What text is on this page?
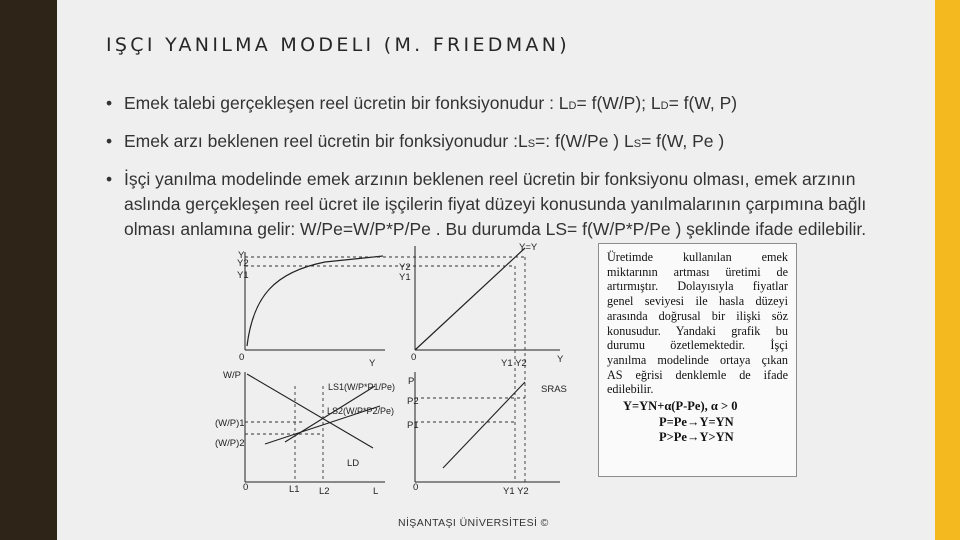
IŞÇI YANILMA MODELI (M. FRIEDMAN)
• Emek talebi gerçekleşen reel ücretin bir fonksiyonudur : LD= f(W/P); LD= f(W, P)
• Emek arzı beklenen reel ücretin bir fonksiyonudur :LS=: f(W/Pe ) LS= f(W, Pe )
• İşçi yanılma modelinde emek arzının beklenen reel ücretin bir fonksiyonu olması, emek arzının aslında gerçekleşen reel ücret ile işçilerin fiyat düzeyi konusunda yanılmalarının çarpımına bağlı olması anlamına gelir: W/Pe=W/P*P/Pe . Bu durumda LS= f(W/P*P/Pe ) şeklinde ifade edilebilir.
Y2
Y1
Y
0
Y
Y=Y
Y2
Y1
0
Y1 Y2	Y
W/P
(W/P)1
(W/P)2
LS1(W/P*P1/Pe)
LS2(W/P*P2/Pe)
LD
0	L1 L2	L
P
P2
P1
SRAS
0	Y1 Y2
Üretimde kullanılan emek
miktarının artması üretimi de
artırmıştır. Dolayısıyla fiyatlar
genel seviyesi ile hasla düzeyi
arasında doğrusal bir ilişki söz
konusudur. Yandaki grafik bu
durumu özetlemektedir. İşçi
yanılma modelinde ortaya çıkan
AS eğrisi denklemle de ifade
edilebilir.
Y=YN+α(P-Pe), α > 0
P=Pe→Y=YN
P>Pe→Y>YN
NİŞANTAŞI ÜNİVERSİTESİ ©
